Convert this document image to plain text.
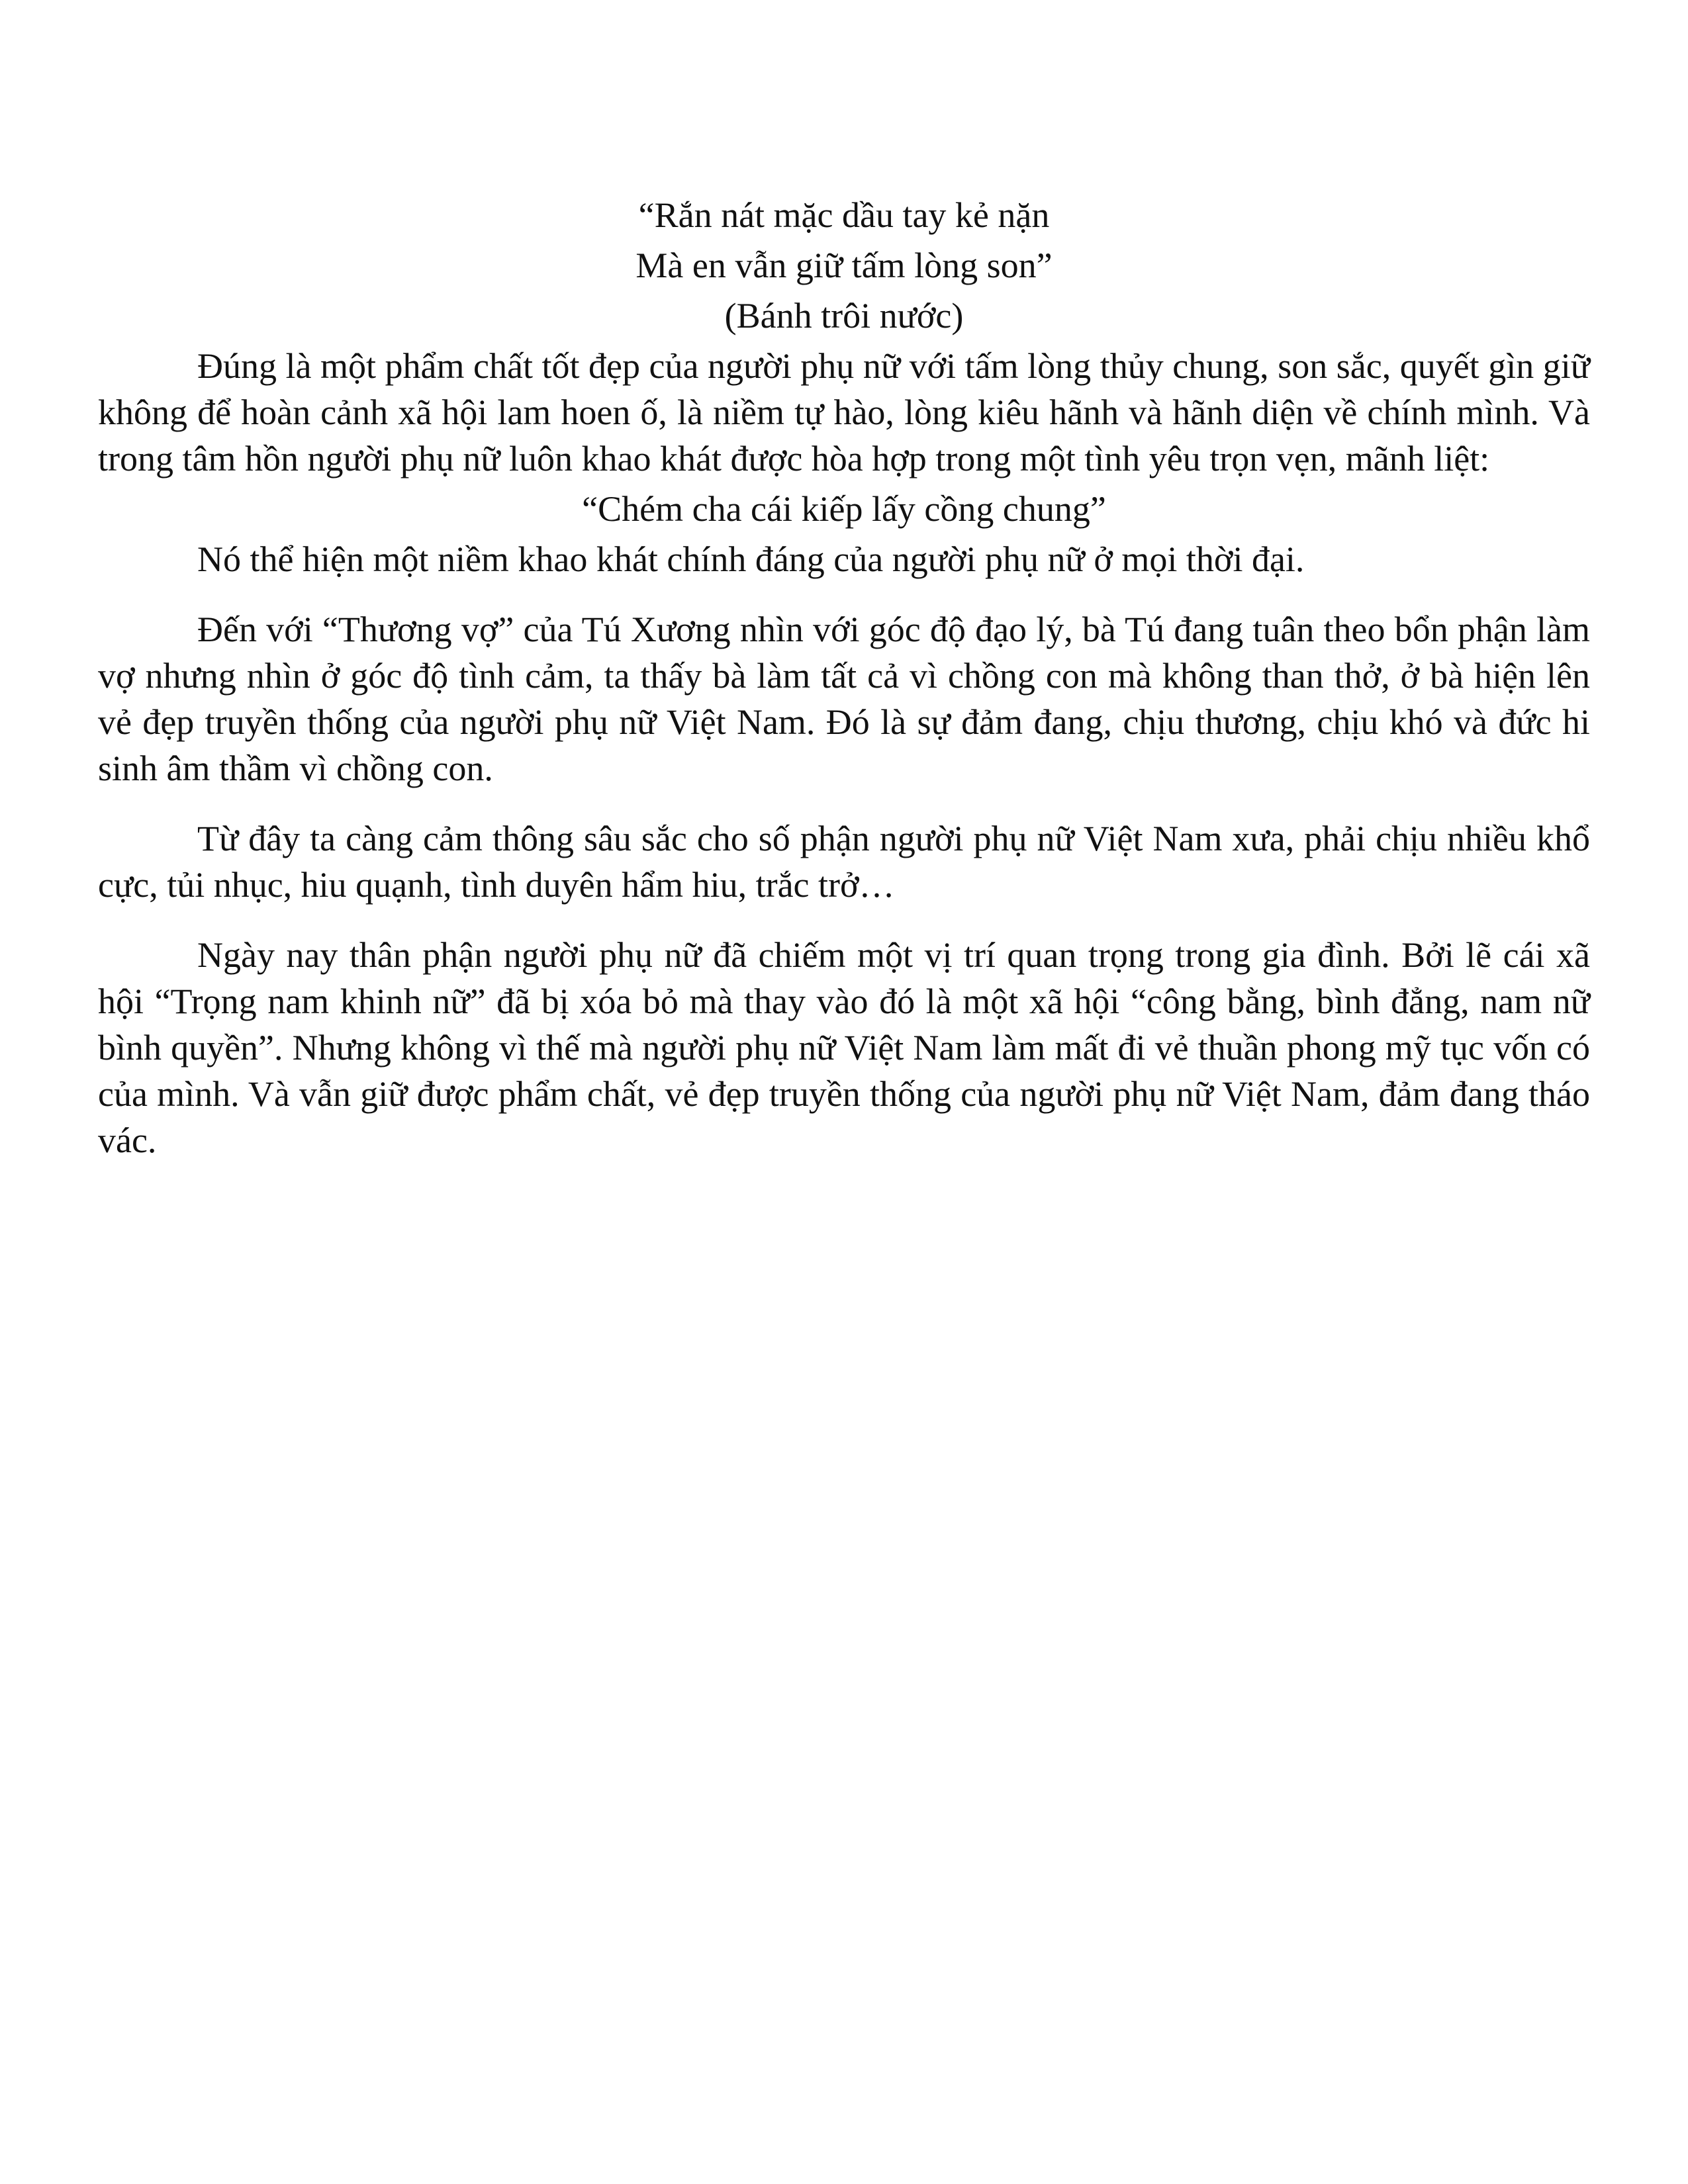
“Rắn nát mặc dầu tay kẻ nặn

Mà en vẫn giữ tấm lòng son”

(Bánh trôi nước)

Đúng là một phẩm chất tốt đẹp của người phụ nữ với tấm lòng thủy chung, son sắc, quyết gìn giữ không để hoàn cảnh xã hội lam hoen ố, là niềm tự hào, lòng kiêu hãnh và hãnh diện về chính mình. Và trong tâm hồn người phụ nữ luôn khao khát được hòa hợp trong một tình yêu trọn vẹn, mãnh liệt:

“Chém cha cái kiếp lấy cồng chung”

Nó thể hiện một niềm khao khát chính đáng của người phụ nữ ở mọi thời đại.

Đến với “Thương vợ” của Tú Xương nhìn với góc độ đạo lý, bà Tú đang tuân theo bổn phận làm vợ nhưng nhìn ở góc độ tình cảm, ta thấy bà làm tất cả vì chồng con mà không than thở, ở bà hiện lên vẻ đẹp truyền thống của người phụ nữ Việt Nam. Đó là sự đảm đang, chịu thương, chịu khó và đức hi sinh âm thầm vì chồng con.

Từ đây ta càng cảm thông sâu sắc cho số phận người phụ nữ Việt Nam xưa, phải chịu nhiều khổ cực, tủi nhục, hiu quạnh, tình duyên hẩm hiu, trắc trở…

Ngày nay thân phận người phụ nữ đã chiếm một vị trí quan trọng trong gia đình. Bởi lẽ cái xã hội “Trọng nam khinh nữ” đã bị xóa bỏ mà thay vào đó là một xã hội “công bằng, bình đẳng, nam nữ bình quyền”. Nhưng không vì thế mà người phụ nữ Việt Nam làm mất đi vẻ thuần phong mỹ tục vốn có của mình. Và vẫn giữ được phẩm chất, vẻ đẹp truyền thống của người phụ nữ Việt Nam, đảm đang tháo vác.
